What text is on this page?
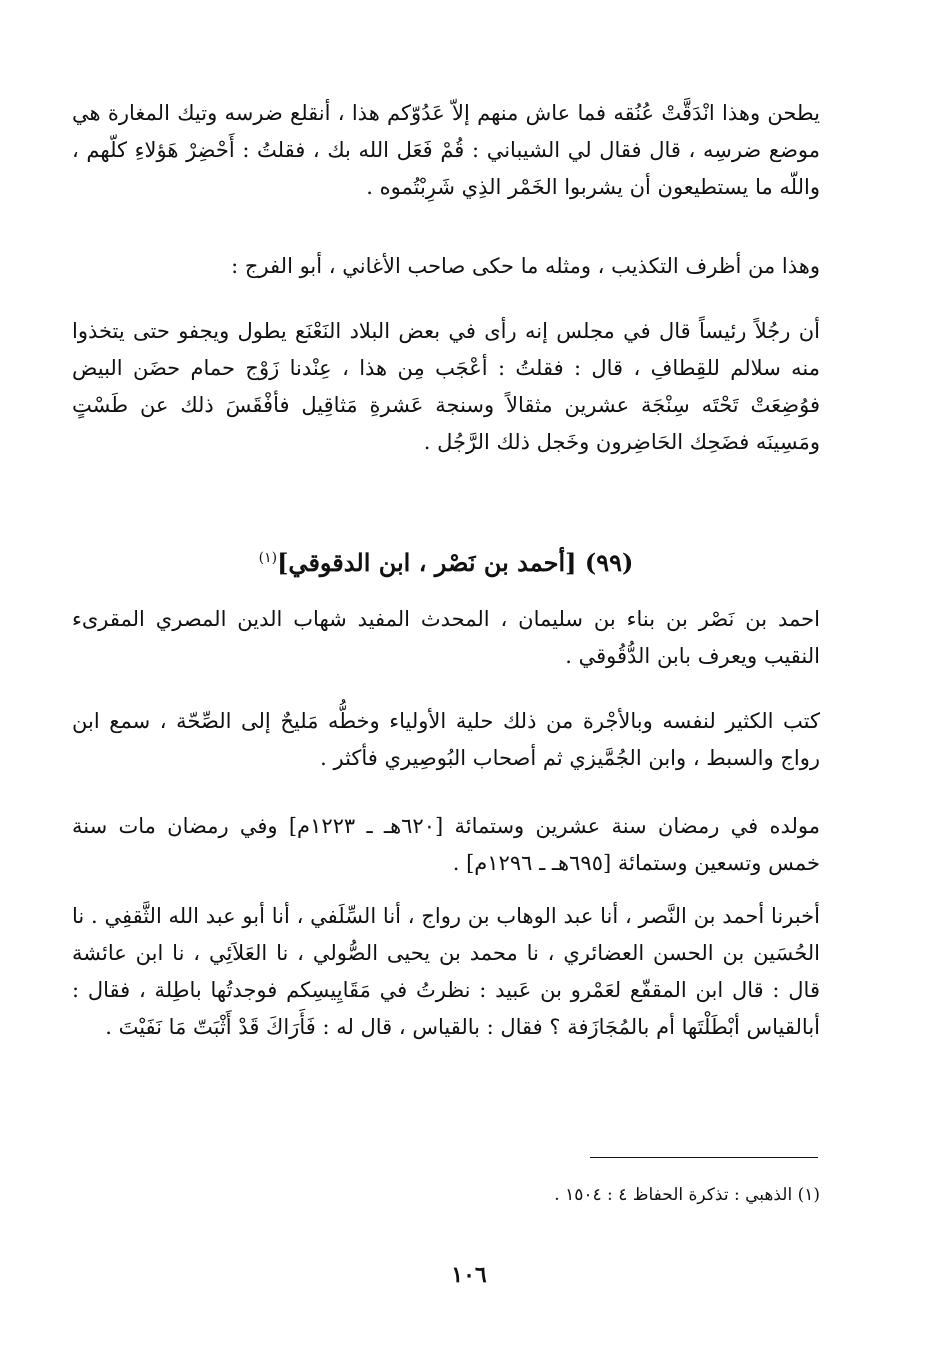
يطحن وهذا انْدَقَّتْ عُنُقه فما عاش منهم إلاّ عَدُوّكم هذا ، أنقلع ضرسه وتيك المغارة هي موضع ضرسِه ، قال فقال لي الشيباني : قُمْ فَعَل الله بك ، فقلتُ : أَحْضِرْ هَؤلاءِ كلّهم ، واللّه ما يستطيعون أن يشربوا الخَمْر الذِي شَرِبْتُموه .

وهذا من أظرف التكذيب ، ومثله ما حكى صاحب الأغاني ، أبو الفرج :

أن رجُلاً رئيساً قال في مجلس إنه رأى في بعض البلاد النَعْنَع يطول ويجفو حتى يتخذوا منه سلالم للقِطافِ ، قال : فقلتُ : أعْجَب مِن هذا ، عِنْدنا زَوْج حمام حضَن البيض فوُضِعَتْ تَحْتَه سِنْجَة عشرين مثقالاً وسنجة عَشرةِ مَثاقِيل فأفْقَسَ ذلك عن طَسْتٍ ومَسِينَه فضَحِك الحَاضِرون وخَجل ذلك الرَّجُل .

(٩٩) [أحمد بن نَصْر ، ابن الدقوقي]$^{(١)}$

احمد بن نَصْر بن بناء بن سليمان ، المحدث المفيد شهاب الدين المصري المقرىء النقيب ويعرف بابن الدُّقُوقي .

كتب الكثير لنفسه وبالأجْرة من ذلك حلية الأولياء وخطُّه مَليحٌ إلى الصِّحّة ، سمع ابن رواج والسبط ، وابن الجُمَّيزي ثم أصحاب البُوصِيري فأكثر .

مولده في رمضان سنة عشرين وستمائة [٦٢٠هـ ـ ١٢٢٣م] وفي رمضان مات سنة خمس وتسعين وستمائة [٦٩٥هـ ـ ١٢٩٦م] .

أخبرنا أحمد بن النَّصر ، أنا عبد الوهاب بن رواج ، أنا السِّلَفي ، أنا أبو عبد الله الثَّقفِي . نا الحُسَين بن الحسن العضائري ، نا محمد بن يحيى الصُّولي ، نا العَلاَئِي ، نا ابن عائشة قال : قال ابن المقفّع لعَمْرو بن عَبيد : نظرتُ في مَقَايِيسِكم فوجدتُها باطِلة ، فقال : أبالقياس أبْطَلْتَها أم بالمُجَازَفة ؟ فقال : بالقياس ، قال له : فَأَرَاكَ قَدْ أَثْبَتّ مَا نَفَيْتَ .

(١) الذهبي : تذكرة الحفاظ ٤ : ١٥٠٤ .

١٠٦
